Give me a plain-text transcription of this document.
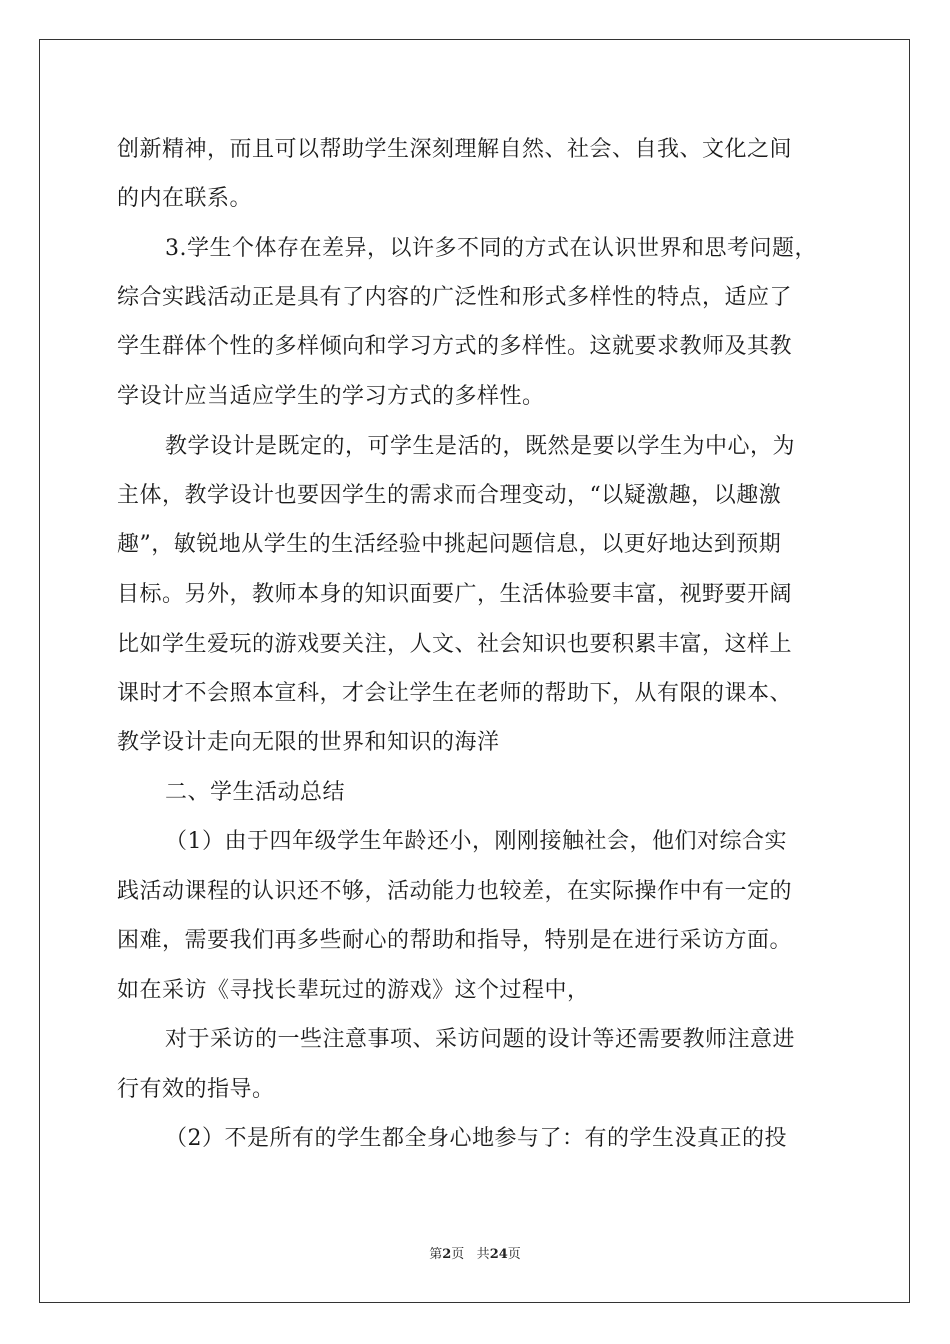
创新精神，而且可以帮助学生深刻理解自然、社会、自我、文化之间
的内在联系。
3.学生个体存在差异，以许多不同的方式在认识世界和思考问题，
综合实践活动正是具有了内容的广泛性和形式多样性的特点，适应了
学生群体个性的多样倾向和学习方式的多样性。这就要求教师及其教
学设计应当适应学生的学习方式的多样性。
教学设计是既定的，可学生是活的，既然是要以学生为中心，为
主体，教学设计也要因学生的需求而合理变动，“以疑激趣，以趣激
趣”，敏锐地从学生的生活经验中挑起问题信息，以更好地达到预期
目标。另外，教师本身的知识面要广，生活体验要丰富，视野要开阔
比如学生爱玩的游戏要关注，人文、社会知识也要积累丰富，这样上
课时才不会照本宣科，才会让学生在老师的帮助下，从有限的课本、
教学设计走向无限的世界和知识的海洋
二、学生活动总结
（1）由于四年级学生年龄还小，刚刚接触社会，他们对综合实
践活动课程的认识还不够，活动能力也较差，在实际操作中有一定的
困难，需要我们再多些耐心的帮助和指导，特别是在进行采访方面。
如在采访《寻找长辈玩过的游戏》这个过程中，
对于采访的一些注意事项、采访问题的设计等还需要教师注意进
行有效的指导。
（2）不是所有的学生都全身心地参与了：有的学生没真正的投
第2页 共24页
